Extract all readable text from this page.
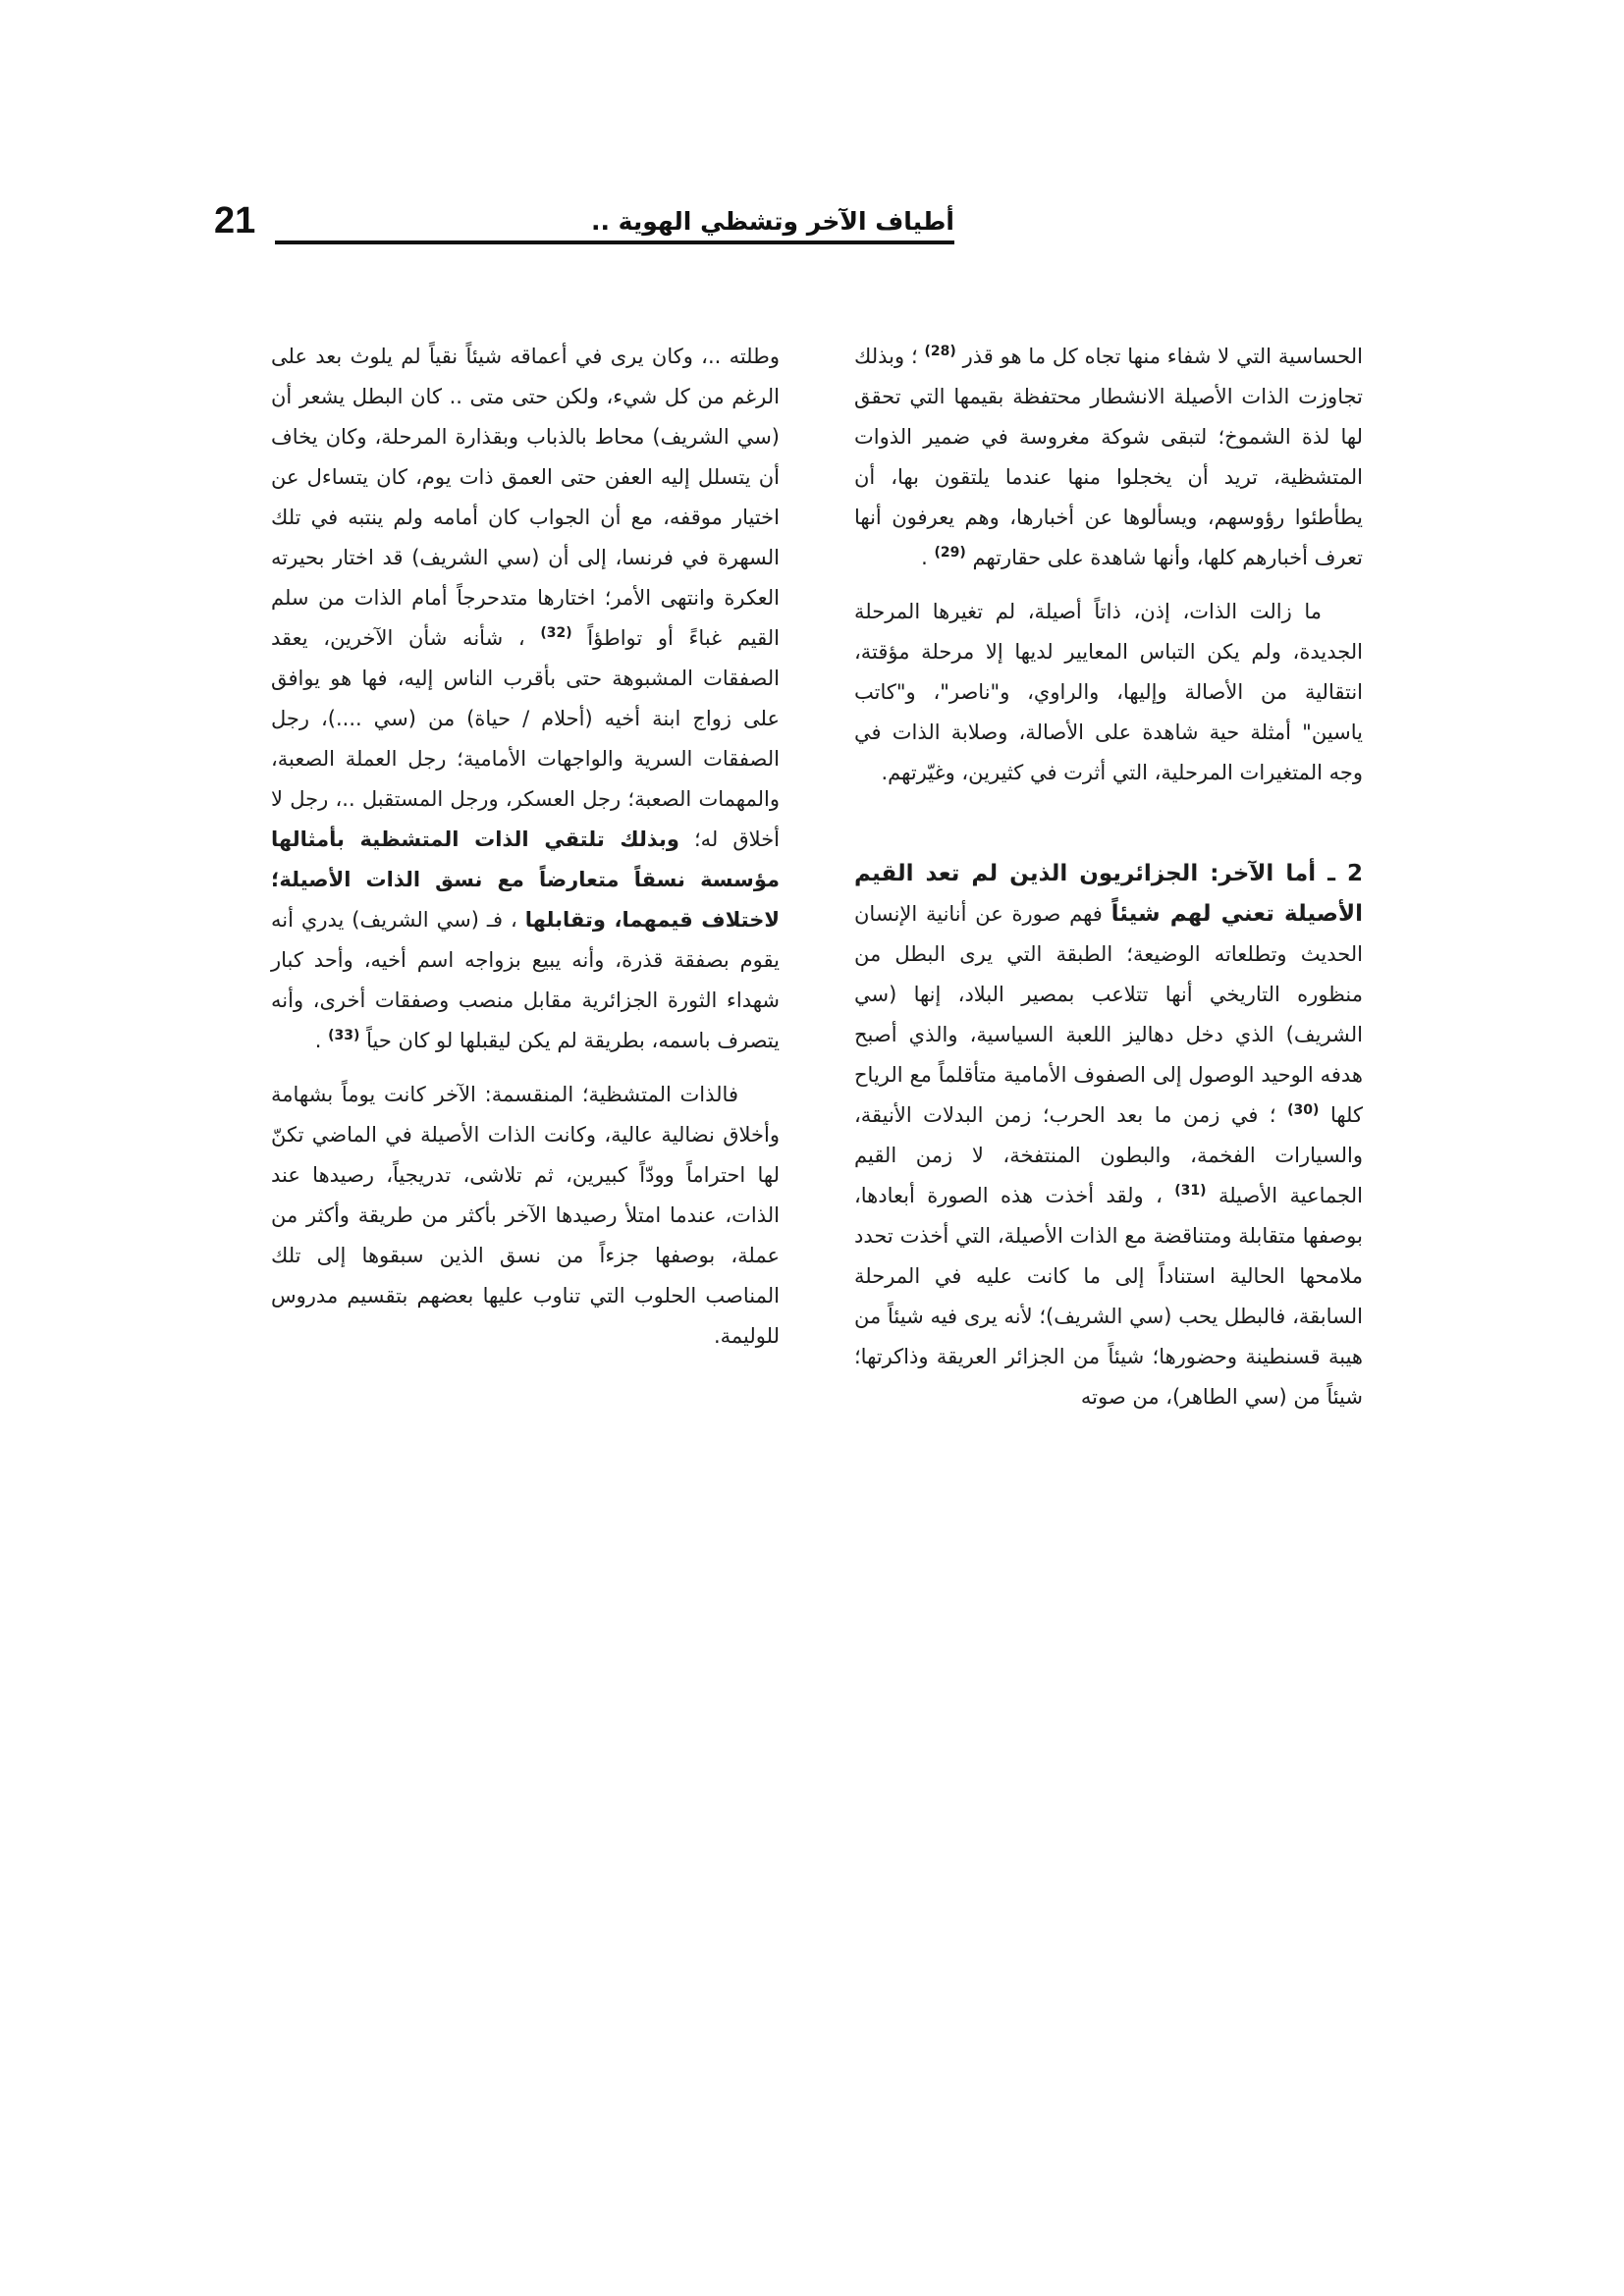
21	أطياف الآخر وتشظي الهوية ..

الحساسية التي لا شفاء منها تجاه كل ما هو قذر $^{(28)}$ ؛ وبذلك تجاوزت الذات الأصيلة الانشطار محتفظة بقيمها التي تحقق لها لذة الشموخ؛ لتبقى شوكة مغروسة في ضمير الذوات المتشظية، تريد أن يخجلوا منها عندما يلتقون بها، أن يطأطئوا رؤوسهم، ويسألوها عن أخبارها، وهم يعرفون أنها تعرف أخبارهم كلها، وأنها شاهدة على حقارتهم $^{(29)}$ .

ما زالت الذات، إذن، ذاتاً أصيلة، لم تغيرها المرحلة الجديدة، ولم يكن التباس المعايير لديها إلا مرحلة مؤقتة، انتقالية من الأصالة وإليها، والراوي، و"ناصر"، و"كاتب ياسين" أمثلة حية شاهدة على الأصالة، وصلابة الذات في وجه المتغيرات المرحلية، التي أثرت في كثيرين، وغيّرتهم.

2 ـ أما الآخر: الجزائريون الذين لم تعد القيم الأصيلة تعني لهم شيئاً فهم صورة عن أنانية الإنسان الحديث وتطلعاته الوضيعة؛ الطبقة التي يرى البطل من منظوره التاريخي أنها تتلاعب بمصير البلاد، إنها (سي الشريف) الذي دخل دهاليز اللعبة السياسية، والذي أصبح هدفه الوحيد الوصول إلى الصفوف الأمامية متأقلماً مع الرياح كلها $^{(30)}$ ؛ في زمن ما بعد الحرب؛ زمن البدلات الأنيقة، والسيارات الفخمة، والبطون المنتفخة، لا زمن القيم الجماعية الأصيلة $^{(31)}$ ، ولقد أخذت هذه الصورة أبعادها، بوصفها متقابلة ومتناقضة مع الذات الأصيلة، التي أخذت تحدد ملامحها الحالية استناداً إلى ما كانت عليه في المرحلة السابقة، فالبطل يحب (سي الشريف)؛ لأنه يرى فيه شيئاً من هيبة قسنطينة وحضورها؛ شيئاً من الجزائر العريقة وذاكرتها؛ شيئاً من (سي الطاهر)، من صوته

وطلته ..، وكان يرى في أعماقه شيئاً نقياً لم يلوث بعد على الرغم من كل شيء، ولكن حتى متى .. كان البطل يشعر أن (سي الشريف) محاط بالذباب وبقذارة المرحلة، وكان يخاف أن يتسلل إليه العفن حتى العمق ذات يوم، كان يتساءل عن اختيار موقفه، مع أن الجواب كان أمامه ولم ينتبه في تلك السهرة في فرنسا، إلى أن (سي الشريف) قد اختار بحيرته العكرة وانتهى الأمر؛ اختارها متدحرجاً أمام الذات من سلم القيم غباءً أو تواطؤاً $^{(32)}$ ، شأنه شأن الآخرين، يعقد الصفقات المشبوهة حتى بأقرب الناس إليه، فها هو يوافق على زواج ابنة أخيه (أحلام / حياة) من (سي ....)، رجل الصفقات السرية والواجهات الأمامية؛ رجل العملة الصعبة، والمهمات الصعبة؛ رجل العسكر، ورجل المستقبل ..، رجل لا أخلاق له؛ وبذلك تلتقي الذات المتشظية بأمثالها مؤسسة نسقاً متعارضاً مع نسق الذات الأصيلة؛ لاختلاف قيمهما، وتقابلها ، فـ (سي الشريف) يدري أنه يقوم بصفقة قذرة، وأنه يبيع بزواجه اسم أخيه، وأحد كبار شهداء الثورة الجزائرية مقابل منصب وصفقات أخرى، وأنه يتصرف باسمه، بطريقة لم يكن ليقبلها لو كان حياً $^{(33)}$ .

فالذات المتشظية؛ المنقسمة: الآخر كانت يوماً بشهامة وأخلاق نضالية عالية، وكانت الذات الأصيلة في الماضي تكنّ لها احتراماً وودّاً كبيرين، ثم تلاشى، تدريجياً، رصيدها عند الذات، عندما امتلأ رصيدها الآخر بأكثر من طريقة وأكثر من عملة، بوصفها جزءاً من نسق الذين سبقوها إلى تلك المناصب الحلوب التي تناوب عليها بعضهم بتقسيم مدروس للوليمة.
